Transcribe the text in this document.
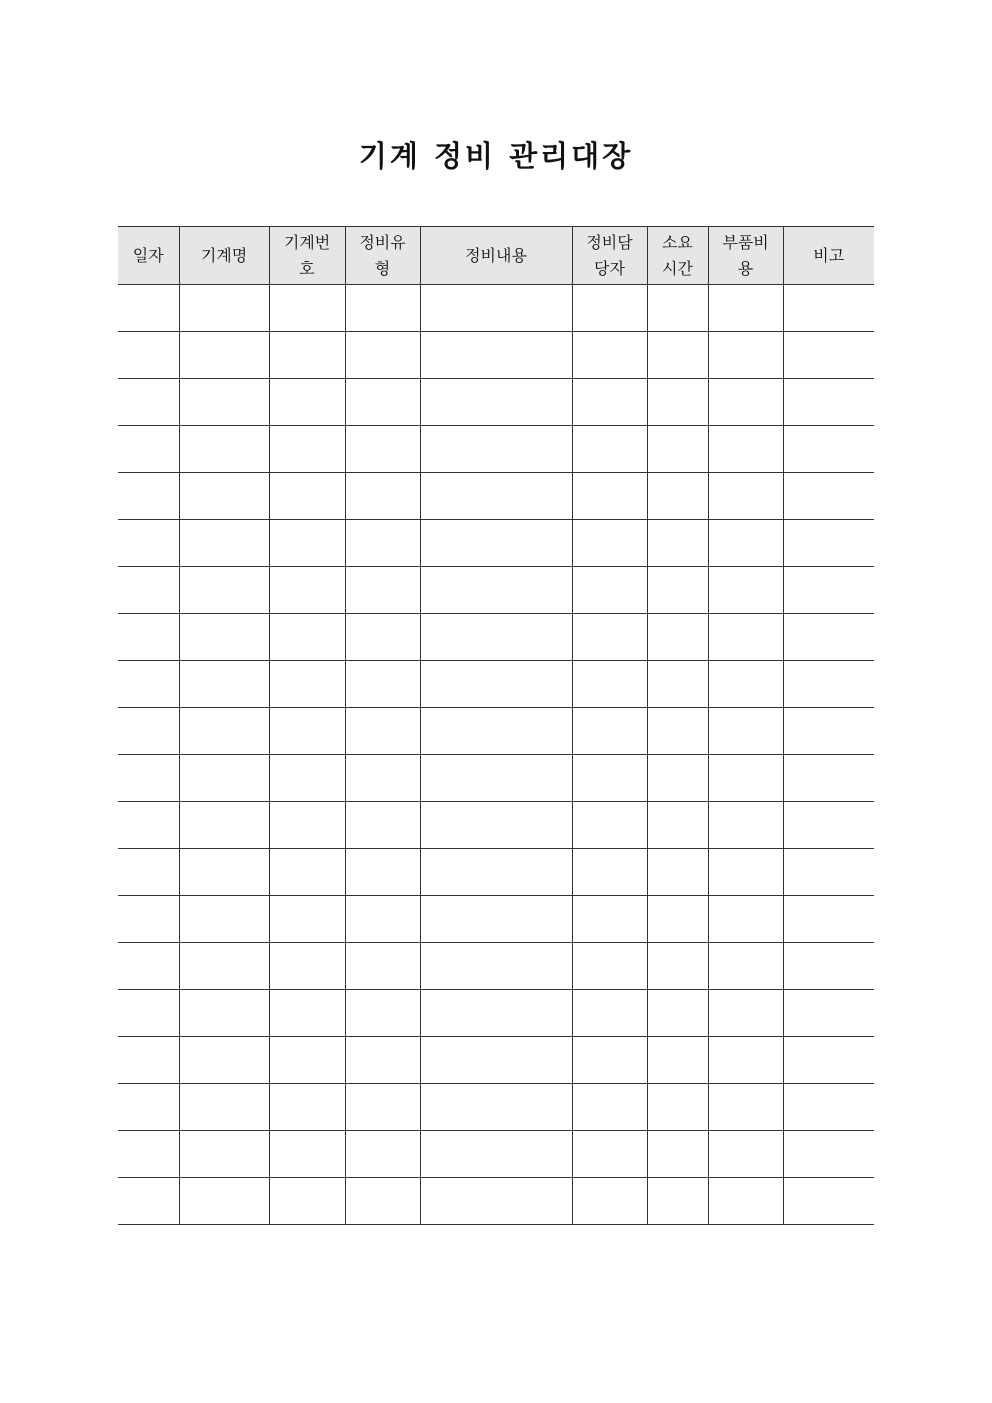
기계 정비 관리대장
일자	기계명	기계번호	정비유형	정비내용	정비담당자	소요시간	부품비용	비고
